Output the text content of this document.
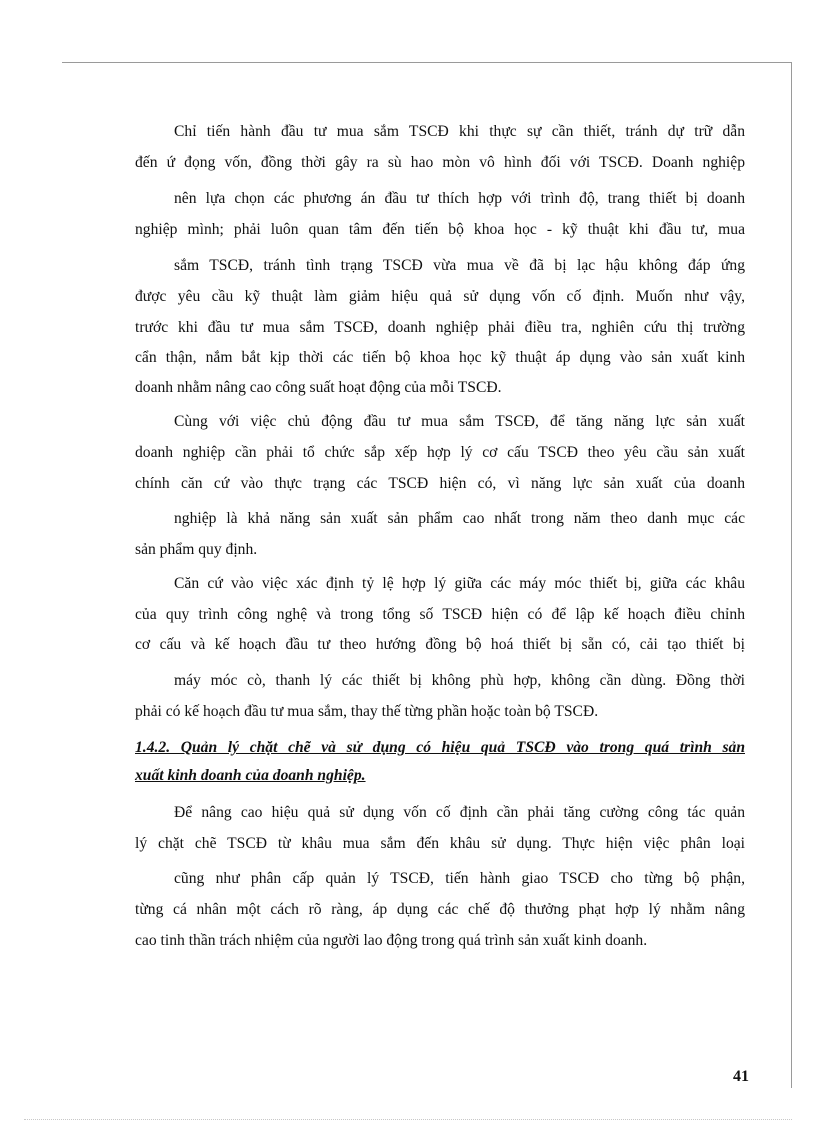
Chỉ tiến hành đầu tư mua sắm TSCĐ khi thực sự cần thiết, tránh dự trữ dẫn
đến ứ đọng vốn, đồng thời gây ra sù hao mòn vô hình đối với TSCĐ. Doanh nghiệp
nên lựa chọn các phương án đầu tư thích hợp với trình độ, trang thiết bị doanh
nghiệp mình; phải luôn quan tâm đến tiến bộ khoa học - kỹ thuật khi đầu tư, mua
sắm TSCĐ, tránh tình trạng TSCĐ vừa mua về đã bị lạc hậu không đáp ứng
được yêu cầu kỹ thuật làm giảm hiệu quả sử dụng vốn cố định. Muốn như vậy,
trước khi đầu tư mua sắm TSCĐ, doanh nghiệp phải điều tra, nghiên cứu thị trường
cẩn thận, nắm bắt kịp thời các tiến bộ khoa học kỹ thuật áp dụng vào sản xuất kinh
doanh nhằm nâng cao công suất hoạt động của mỗi TSCĐ.
Cùng với việc chủ động đầu tư mua sắm TSCĐ, để tăng năng lực sản xuất
doanh nghiệp cần phải tổ chức sắp xếp hợp lý cơ cấu TSCĐ theo yêu cầu sản xuất
chính căn cứ vào thực trạng các TSCĐ hiện có, vì năng lực sản xuất của doanh
nghiệp là khả năng sản xuất sản phẩm cao nhất trong năm theo danh mục các
sản phẩm quy định.
Căn cứ vào việc xác định tỷ lệ hợp lý giữa các máy móc thiết bị, giữa các khâu
của quy trình công nghệ và trong tổng số TSCĐ hiện có để lập kế hoạch điều chỉnh
cơ cấu và kế hoạch đầu tư theo hướng đồng bộ hoá thiết bị sẵn có, cải tạo thiết bị
máy móc cò, thanh lý các thiết bị không phù hợp, không cần dùng. Đồng thời
phải có kế hoạch đầu tư mua sắm, thay thế từng phần hoặc toàn bộ TSCĐ.
Để nâng cao hiệu quả sử dụng vốn cố định cần phải tăng cường công tác quản
lý chặt chẽ TSCĐ từ khâu mua sắm đến khâu sử dụng. Thực hiện việc phân loại
cũng như phân cấp quản lý TSCĐ, tiến hành giao TSCĐ cho từng bộ phận,
từng cá nhân một cách rõ ràng, áp dụng các chế độ thưởng phạt hợp lý nhằm nâng
cao tinh thần trách nhiệm của người lao động trong quá trình sản xuất kinh doanh.
1.4.2. Quản lý chặt chẽ và sử dụng có hiệu quả TSCĐ vào trong quá trình sản
xuất kinh doanh của doanh nghiệp.
41
